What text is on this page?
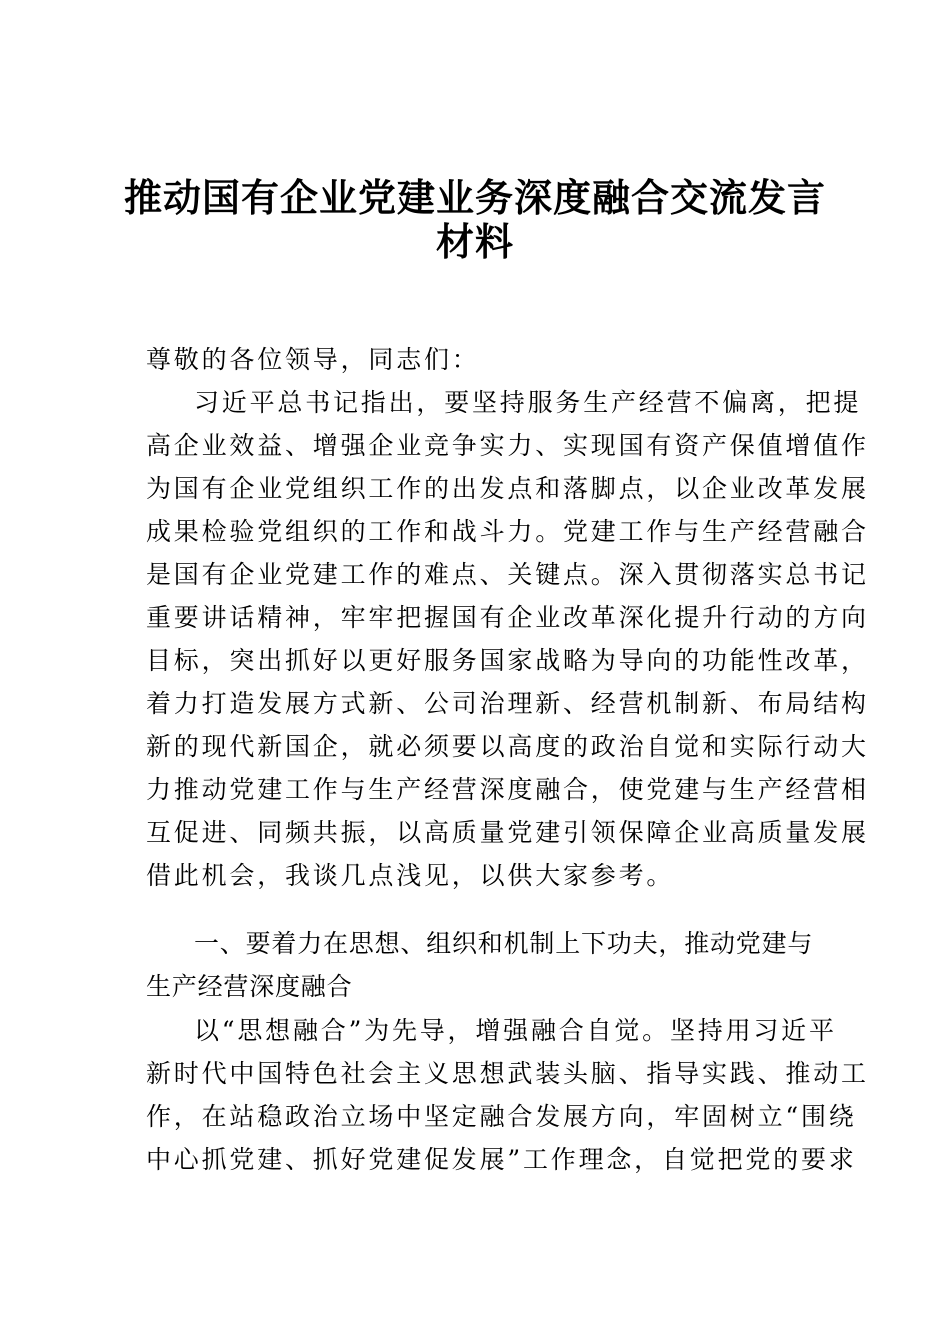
推动国有企业党建业务深度融合交流发言
材料
尊敬的各位领导，同志们：
习近平总书记指出，要坚持服务生产经营不偏离，把提
高企业效益、增强企业竞争实力、实现国有资产保值增值作
为国有企业党组织工作的出发点和落脚点，以企业改革发展
成果检验党组织的工作和战斗力。党建工作与生产经营融合
是国有企业党建工作的难点、关键点。深入贯彻落实总书记
重要讲话精神，牢牢把握国有企业改革深化提升行动的方向
目标，突出抓好以更好服务国家战略为导向的功能性改革，
着力打造发展方式新、公司治理新、经营机制新、布局结构
新的现代新国企，就必须要以高度的政治自觉和实际行动大
力推动党建工作与生产经营深度融合，使党建与生产经营相
互促进、同频共振，以高质量党建引领保障企业高质量发展
借此机会，我谈几点浅见，以供大家参考。
一、要着力在思想、组织和机制上下功夫，推动党建与
生产经营深度融合
以“思想融合”为先导，增强融合自觉。坚持用习近平
新时代中国特色社会主义思想武装头脑、指导实践、推动工
作，在站稳政治立场中坚定融合发展方向，牢固树立“围绕
中心抓党建、抓好党建促发展”工作理念，自觉把党的要求
